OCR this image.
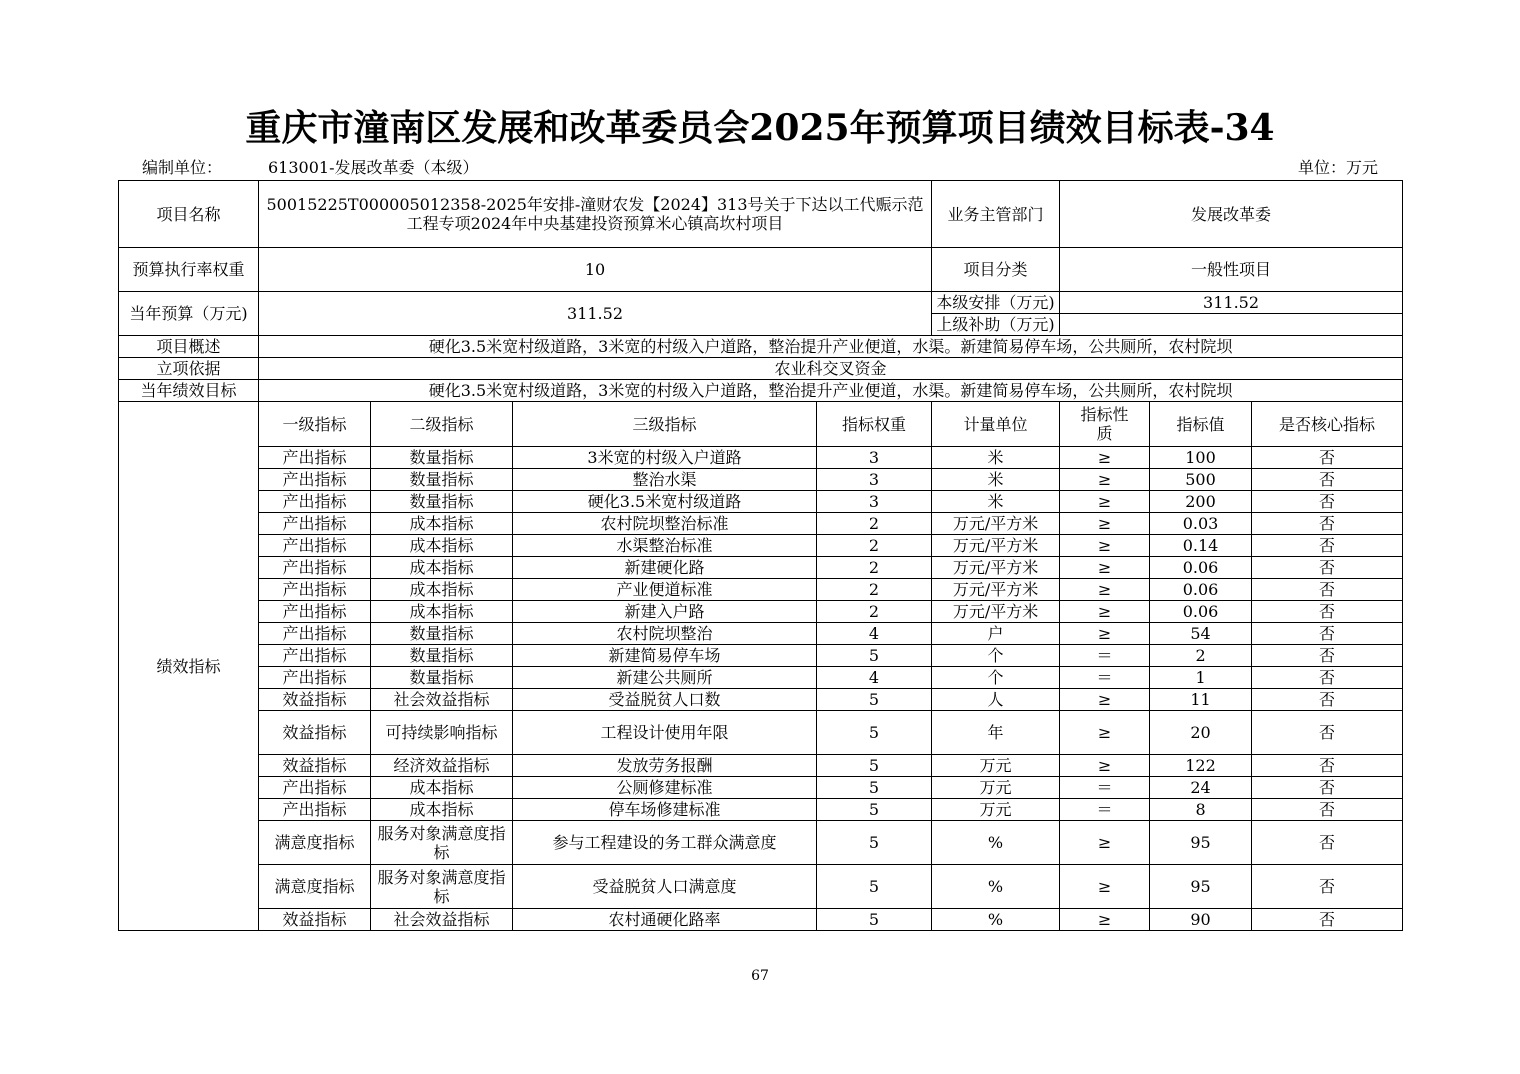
重庆市潼南区发展和改革委员会2025年预算项目绩效目标表-34
编制单位：	613001-发展改革委（本级）	单位：万元
项目名称	50015225T000005012358-2025年安排-潼财农发【2024】313号关于下达以工代赈示范工程专项2024年中央基建投资预算米心镇高坎村项目				业务主管部门	发展改革委		
预算执行率权重	10				项目分类	一般性项目		
当年预算（万元)	311.52				本级安排（万元)	311.52		
					上级补助（万元)			
项目概述	硬化3.5米宽村级道路，3米宽的村级入户道路，整治提升产业便道，水渠。新建简易停车场，公共厕所，农村院坝							
立项依据	农业科交叉资金							
当年绩效目标	硬化3.5米宽村级道路，3米宽的村级入户道路，整治提升产业便道，水渠。新建简易停车场，公共厕所，农村院坝							
绩效指标	一级指标	二级指标	三级指标	指标权重	计量单位	指标性质	指标值	是否核心指标
	产出指标	数量指标	3米宽的村级入户道路	3	米	≥	100	否
	产出指标	数量指标	整治水渠	3	米	≥	500	否
	产出指标	数量指标	硬化3.5米宽村级道路	3	米	≥	200	否
	产出指标	成本指标	农村院坝整治标准	2	万元/平方米	≥	0.03	否
	产出指标	成本指标	水渠整治标准	2	万元/平方米	≥	0.14	否
	产出指标	成本指标	新建硬化路	2	万元/平方米	≥	0.06	否
	产出指标	成本指标	产业便道标准	2	万元/平方米	≥	0.06	否
	产出指标	成本指标	新建入户路	2	万元/平方米	≥	0.06	否
	产出指标	数量指标	农村院坝整治	4	户	≥	54	否
	产出指标	数量指标	新建简易停车场	5	个	＝	2	否
	产出指标	数量指标	新建公共厕所	4	个	＝	1	否
	效益指标	社会效益指标	受益脱贫人口数	5	人	≥	11	否
	效益指标	可持续影响指标	工程设计使用年限	5	年	≥	20	否
	效益指标	经济效益指标	发放劳务报酬	5	万元	≥	122	否
	产出指标	成本指标	公厕修建标准	5	万元	＝	24	否
	产出指标	成本指标	停车场修建标准	5	万元	＝	8	否
	满意度指标	服务对象满意度指标	参与工程建设的务工群众满意度	5	%	≥	95	否
	满意度指标	服务对象满意度指标	受益脱贫人口满意度	5	%	≥	95	否
	效益指标	社会效益指标	农村通硬化路率	5	%	≥	90	否
67
